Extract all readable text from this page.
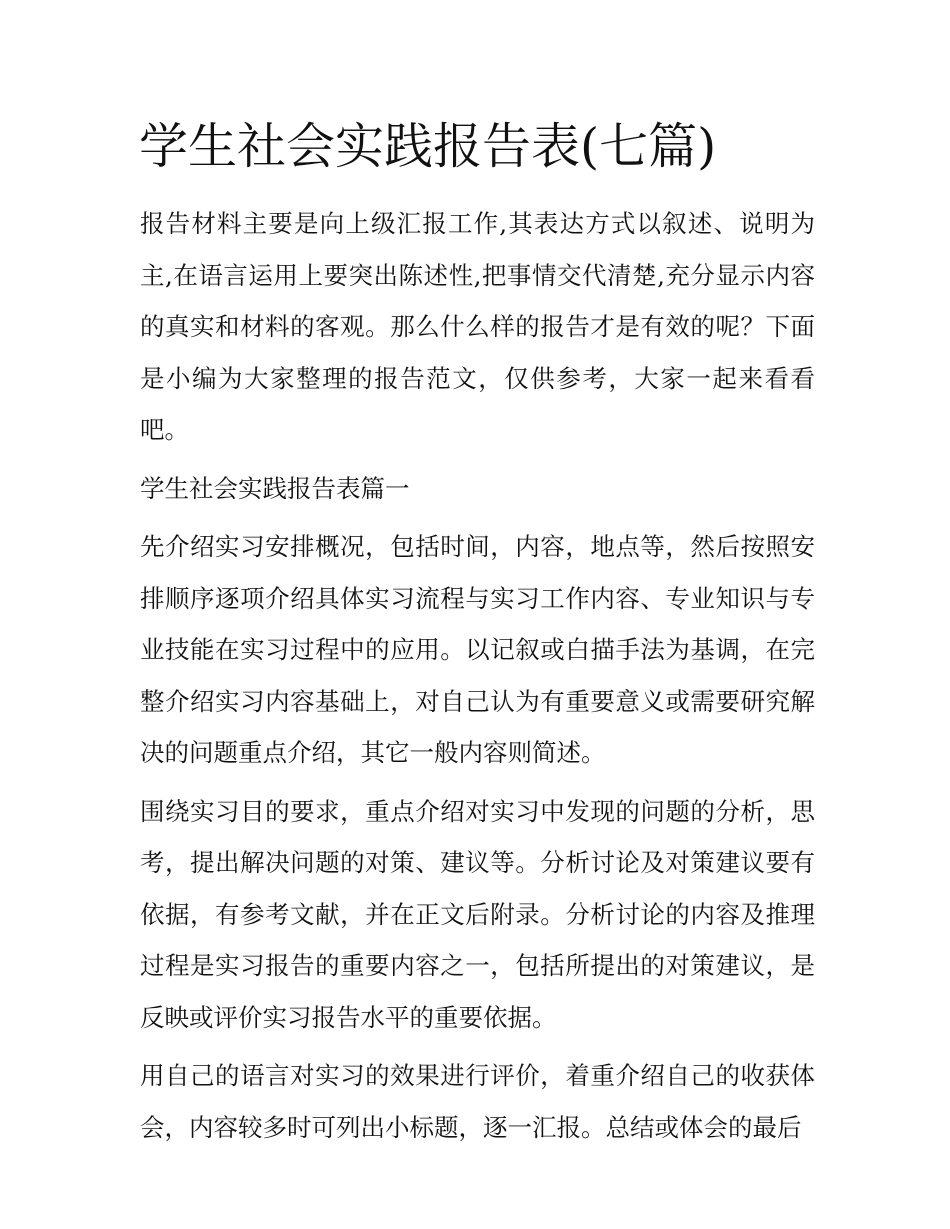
学生社会实践报告表(七篇)

报告材料主要是向上级汇报工作,其表达方式以叙述、说明为主,在语言运用上要突出陈述性,把事情交代清楚,充分显示内容的真实和材料的客观。那么什么样的报告才是有效的呢？下面是小编为大家整理的报告范文，仅供参考，大家一起来看看吧。

学生社会实践报告表篇一

先介绍实习安排概况，包括时间，内容，地点等，然后按照安排顺序逐项介绍具体实习流程与实习工作内容、专业知识与专业技能在实习过程中的应用。以记叙或白描手法为基调，在完整介绍实习内容基础上，对自己认为有重要意义或需要研究解决的问题重点介绍，其它一般内容则简述。

围绕实习目的要求，重点介绍对实习中发现的问题的分析，思考，提出解决问题的对策、建议等。分析讨论及对策建议要有依据，有参考文献，并在正文后附录。分析讨论的内容及推理过程是实习报告的重要内容之一，包括所提出的对策建议，是反映或评价实习报告水平的重要依据。

用自己的语言对实习的效果进行评价，着重介绍自己的收获体会，内容较多时可列出小标题，逐一汇报。总结或体会的最后
